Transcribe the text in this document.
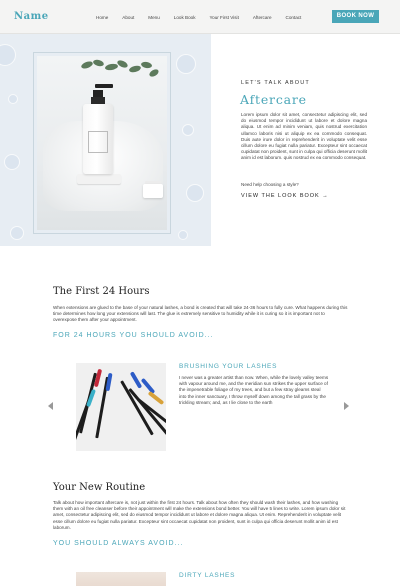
Name	Home	About	Menu	Look Book	Your First Visit	Aftercare	Contact	BOOK NOW
LET'S TALK ABOUT
Aftercare
Lorem ipsum dolor sit amet, consectetur adipiscing elit, sed do eiusmod tempor incididunt ut labore et dolore magna aliqua. Ut enim ad minim veniam, quis nostrud exercitation ullamco laboris nisi ut aliquip ex ea commodo consequat. Duis aute irure dolor in reprehenderit in voluptate velit esse cillum dolore eu fugiat nulla pariatur. Excepteur sint occaecat cupidatat non proident, sunt in culpa qui officia deserunt mollit anim id est laborum. quis nostrud ex ea commodo consequat.
Need help choosing a style?
VIEW THE LOOK BOOK →
The First 24 Hours
When extensions are glued to the base of your natural lashes, a bond is created that will take 24-36 hours to fully cure. What happens during this time determines how long your extensions will last. The glue is extremely sensitive to humidity while it is curing so it is important not to overexpose them after your appointment.
FOR 24 HOURS YOU SHOULD AVOID...
BRUSHING YOUR LASHES
I never was a greater artist than now. When, while the lovely valley teems with vapour around me, and the meridian sun strikes the upper surface of the impenetrable foliage of my trees, and but a few stray gleams steal into the inner sanctuary, I throw myself down among the tall grass by the trickling stream; and, as I lie close to the earth
Your New Routine
Talk about how important aftercare is, not just within the first 24 hours. Talk about how often they should wash their lashes, and how washing them with an oil free cleanser before their appointment will make the extensions bond better. You will have 5 lines to write. Lorem ipsum dolor sit amet, consectetur adipiscing elit, sed do eiusmod tempor incididunt ut labore et dolore magna aliqua. Ut enim. Reprehenderit in voluptate velit esse cillum dolore eu fugiat nulla pariatur. Excepteur sint occaecat cupidatat non proident, sunt in culpa qui officia deserunt mollit anim id est laborum.
YOU SHOULD ALWAYS AVOID...
DIRTY LASHES
